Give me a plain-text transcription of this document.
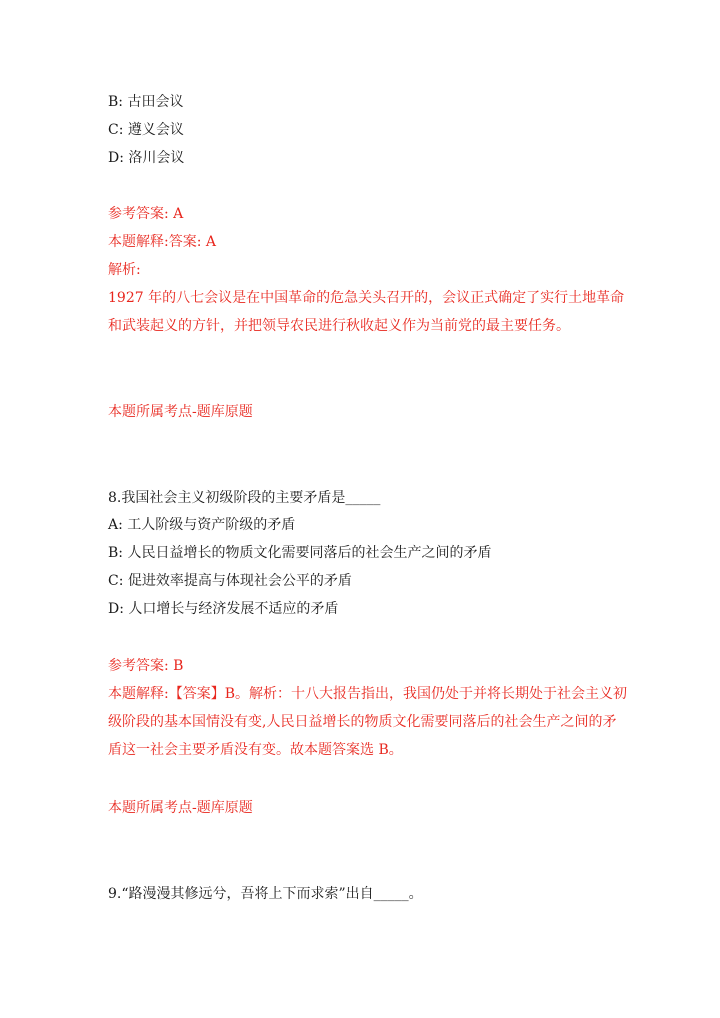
B: 古田会议
C: 遵义会议
D: 洛川会议
参考答案: A
本题解释:答案: A
解析:
1927 年的八七会议是在中国革命的危急关头召开的，会议正式确定了实行土地革命和武装起义的方针，并把领导农民进行秋收起义作为当前党的最主要任务。
本题所属考点-题库原题
8.我国社会主义初级阶段的主要矛盾是_____
A: 工人阶级与资产阶级的矛盾
B: 人民日益增长的物质文化需要同落后的社会生产之间的矛盾
C: 促进效率提高与体现社会公平的矛盾
D: 人口增长与经济发展不适应的矛盾
参考答案: B
本题解释:【答案】B。解析：十八大报告指出，我国仍处于并将长期处于社会主义初级阶段的基本国情没有变,人民日益增长的物质文化需要同落后的社会生产之间的矛盾这一社会主要矛盾没有变。故本题答案选 B。
本题所属考点-题库原题
9.“路漫漫其修远兮，吾将上下而求索”出自_____。
